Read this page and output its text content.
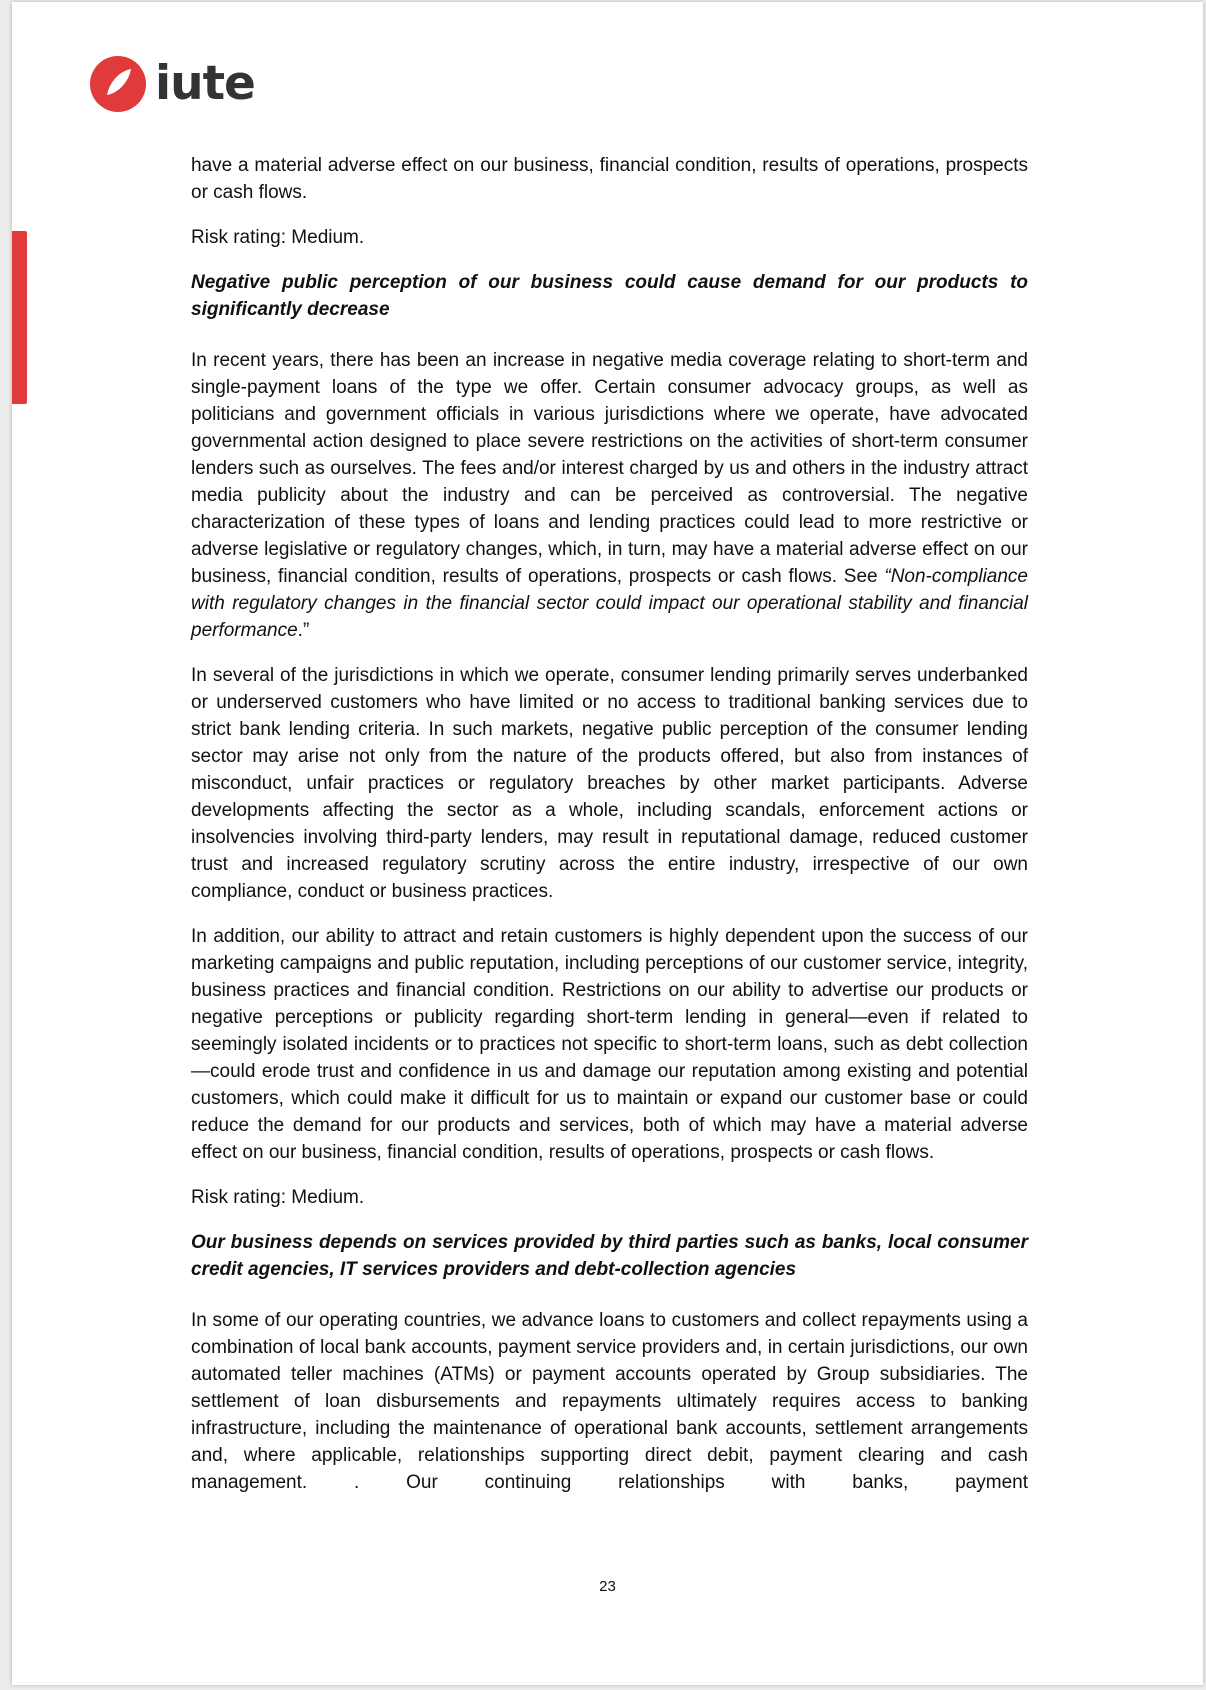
iute

have a material adverse effect on our business, financial condition, results of operations, prospects or cash flows.

Risk rating: Medium.

Negative public perception of our business could cause demand for our products to significantly decrease

In recent years, there has been an increase in negative media coverage relating to short-term and single-payment loans of the type we offer. Certain consumer advocacy groups, as well as politicians and government officials in various jurisdictions where we operate, have advocated governmental action designed to place severe restrictions on the activities of short-term consumer lenders such as ourselves. The fees and/or interest charged by us and others in the industry attract media publicity about the industry and can be perceived as controversial. The negative characterization of these types of loans and lending practices could lead to more restrictive or adverse legislative or regulatory changes, which, in turn, may have a material adverse effect on our business, financial condition, results of operations, prospects or cash flows. See “Non-compliance with regulatory changes in the financial sector could impact our operational stability and financial performance.”

In several of the jurisdictions in which we operate, consumer lending primarily serves underbanked or underserved customers who have limited or no access to traditional banking services due to strict bank lending criteria. In such markets, negative public perception of the consumer lending sector may arise not only from the nature of the products offered, but also from instances of misconduct, unfair practices or regulatory breaches by other market participants. Adverse developments affecting the sector as a whole, including scandals, enforcement actions or insolvencies involving third-party lenders, may result in reputational damage, reduced customer trust and increased regulatory scrutiny across the entire industry, irrespective of our own compliance, conduct or business practices.

In addition, our ability to attract and retain customers is highly dependent upon the success of our marketing campaigns and public reputation, including perceptions of our customer service, integrity, business practices and financial condition. Restrictions on our ability to advertise our products or negative perceptions or publicity regarding short-term lending in general—even if related to seemingly isolated incidents or to practices not specific to short-term loans, such as debt collection—could erode trust and confidence in us and damage our reputation among existing and potential customers, which could make it difficult for us to maintain or expand our customer base or could reduce the demand for our products and services, both of which may have a material adverse effect on our business, financial condition, results of operations, prospects or cash flows.

Risk rating: Medium.

Our business depends on services provided by third parties such as banks, local consumer credit agencies, IT services providers and debt-collection agencies

In some of our operating countries, we advance loans to customers and collect repayments using a combination of local bank accounts, payment service providers and, in certain jurisdictions, our own automated teller machines (ATMs) or payment accounts operated by Group subsidiaries. The settlement of loan disbursements and repayments ultimately requires access to banking infrastructure, including the maintenance of operational bank accounts, settlement arrangements and, where applicable, relationships supporting direct debit, payment clearing and cash management. . Our continuing relationships with banks, payment

23
